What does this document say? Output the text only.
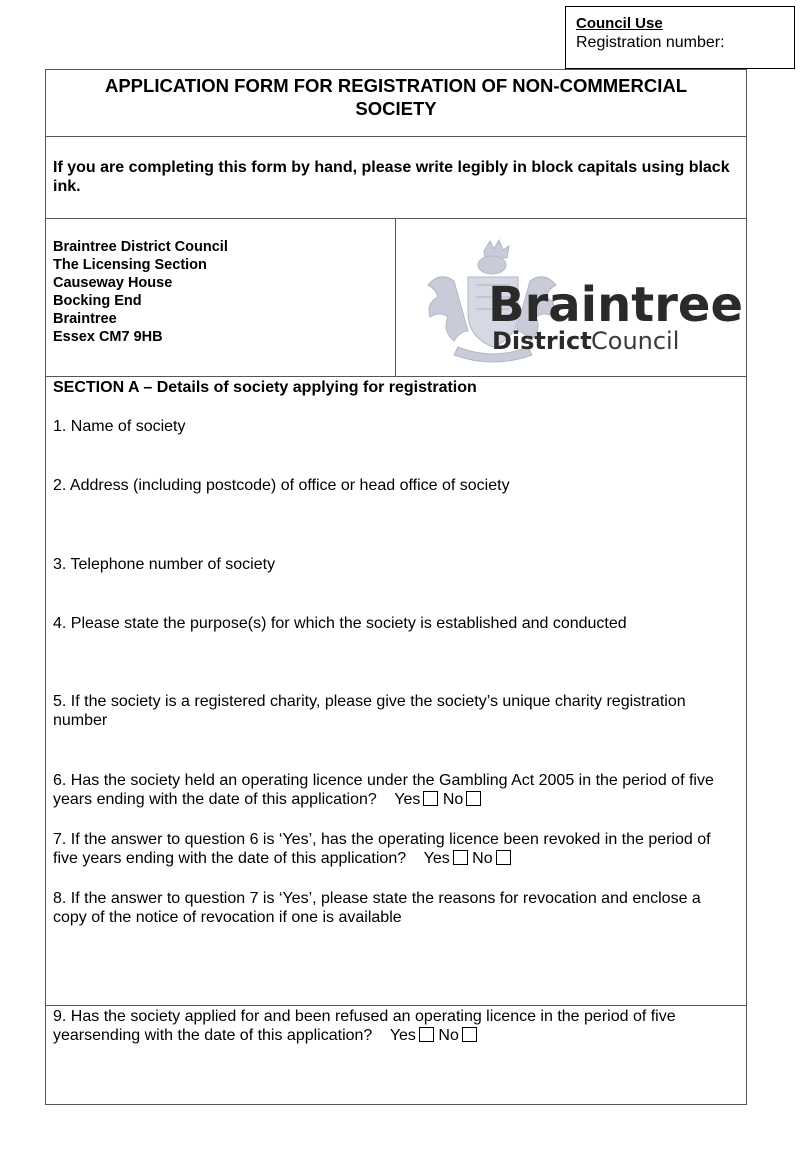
Council Use
Registration number:
APPLICATION FORM FOR REGISTRATION OF NON-COMMERCIAL SOCIETY
If you are completing this form by hand, please write legibly in block capitals using black ink.
Braintree District Council
The Licensing Section
Causeway House
Bocking End
Braintree
Essex CM7 9HB
Braintree
District Council
SECTION A – Details of society applying for registration
1. Name of society
2. Address (including postcode) of office or head office of society
3. Telephone number of society
4. Please state the purpose(s) for which the society is established and conducted
5. If the society is a registered charity, please give the society’s unique charity registration number
6. Has the society held an operating licence under the Gambling Act 2005 in the period of five years ending with the date of this application? Yes No
7. If the answer to question 6 is ‘Yes’, has the operating licence been revoked in the period of five years ending with the date of this application? Yes No
8. If the answer to question 7 is ‘Yes’, please state the reasons for revocation and enclose a copy of the notice of revocation if one is available
9. Has the society applied for and been refused an operating licence in the period of five yearsending with the date of this application? Yes No
